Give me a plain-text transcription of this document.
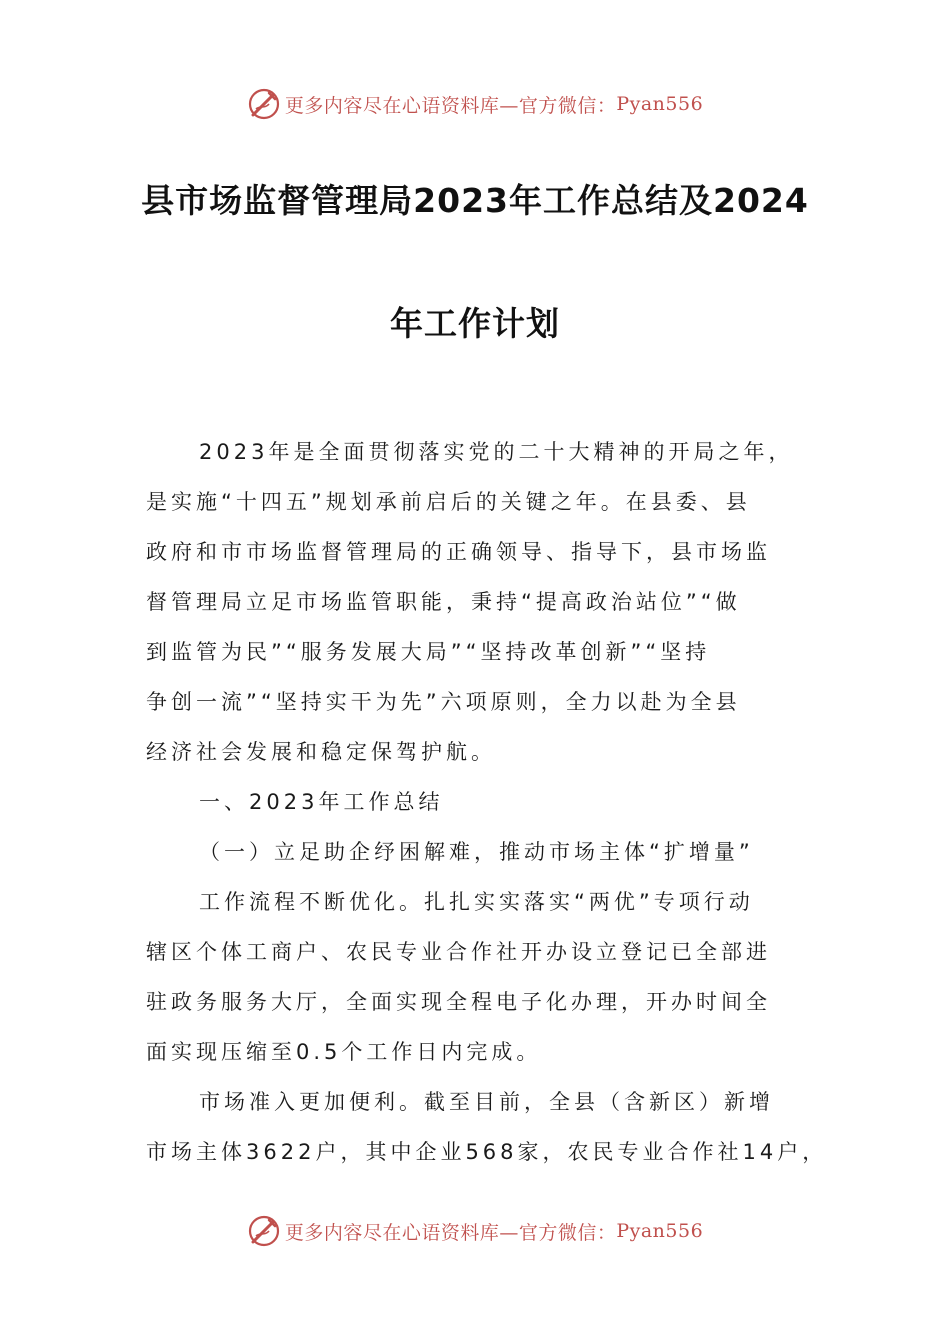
更多内容尽在心语资料库—官方微信： Pyan556
县市场监督管理局2023年工作总结及2024
年工作计划
2023年是全面贯彻落实党的二十大精神的开局之年，
是实施“十四五”规划承前启后的关键之年。在县委、县
政府和市市场监督管理局的正确领导、指导下，县市场监
督管理局立足市场监管职能，秉持“提高政治站位”“做
到监管为民”“服务发展大局”“坚持改革创新”“坚持
争创一流”“坚持实干为先”六项原则，全力以赴为全县
经济社会发展和稳定保驾护航。
一、2023年工作总结
（一）立足助企纾困解难，推动市场主体“扩增量”
工作流程不断优化。扎扎实实落实“两优”专项行动
辖区个体工商户、农民专业合作社开办设立登记已全部进
驻政务服务大厅，全面实现全程电子化办理，开办时间全
面实现压缩至0.5个工作日内完成。
市场准入更加便利。截至目前，全县（含新区）新增
市场主体3622户，其中企业568家，农民专业合作社14户，
更多内容尽在心语资料库—官方微信： Pyan556
